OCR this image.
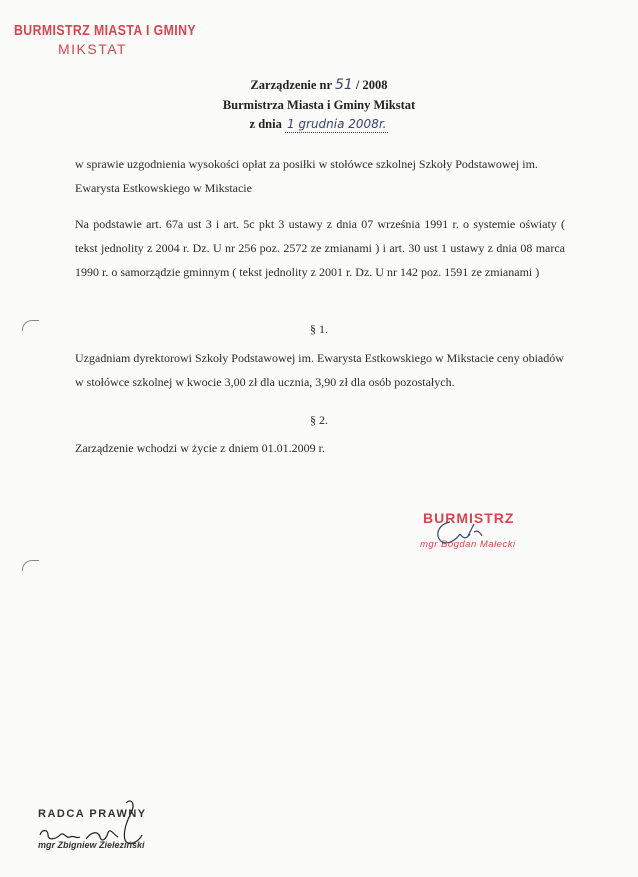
BURMISTRZ MIASTA I GMINY
MIKSTAT
Zarządzenie nr 51 / 2008
Burmistrza Miasta i Gminy Mikstat
z dnia 1 grudnia 2008r.
w sprawie uzgodnienia wysokości opłat za posiłki w stołówce szkolnej Szkoły Podstawowej im. Ewarysta Estkowskiego w Mikstacie
Na podstawie art. 67a ust 3 i art. 5c pkt 3 ustawy z dnia 07 września 1991 r. o systemie oświaty ( tekst jednolity z 2004 r. Dz. U nr 256 poz. 2572 ze zmianami ) i art. 30 ust 1 ustawy z dnia 08 marca 1990 r. o samorządzie gminnym ( tekst jednolity z 2001 r. Dz. U nr 142 poz. 1591 ze zmianami )
§ 1.
Uzgadniam dyrektorowi Szkoły Podstawowej im. Ewarysta Estkowskiego w Mikstacie ceny obiadów w stołówce szkolnej w kwocie 3,00 zł dla ucznia, 3,90 zł dla osób pozostałych.
§ 2.
Zarządzenie wchodzi w życie z dniem 01.01.2009 r.
BURMISTRZ
mgr Bogdan Małecki
RADCA PRAWNY
mgr Zbigniew Zieleziński
